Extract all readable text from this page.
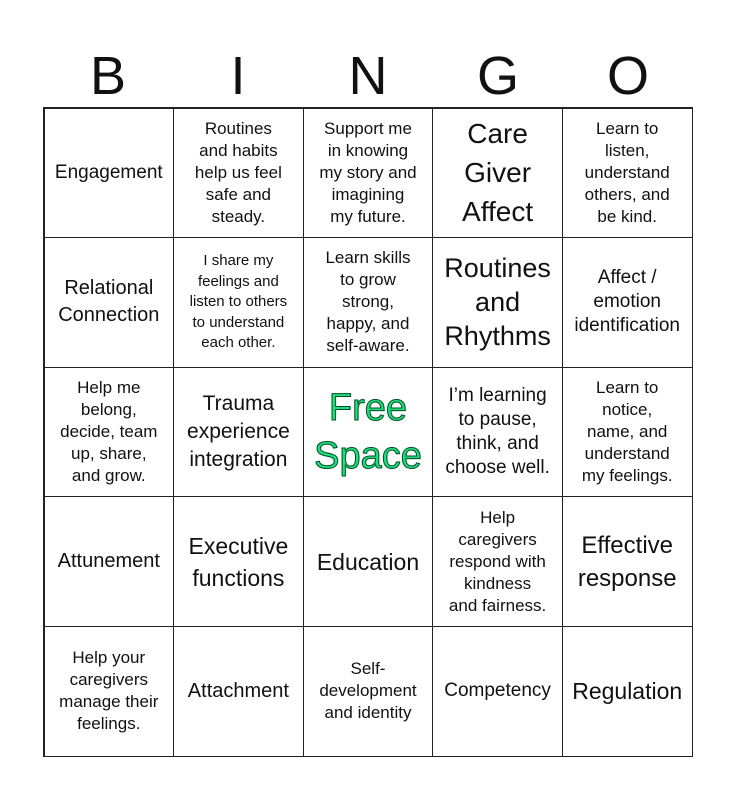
B	I	N	G	O
Engagement
Routines
and habits
help us feel
safe and
steady.
Support me
in knowing
my story and
imagining
my future.
Care
Giver
Affect
Learn to
listen,
understand
others, and
be kind.
Relational
Connection
I share my
feelings and
listen to others
to understand
each other.
Learn skills
to grow
strong,
happy, and
self-aware.
Routines
and
Rhythms
Affect /
emotion
identification
Help me
belong,
decide, team
up, share,
and grow.
Trauma
experience
integration
Free
Space
I’m learning
to pause,
think, and
choose well.
Learn to
notice,
name, and
understand
my feelings.
Attunement
Executive
functions
Education
Help
caregivers
respond with
kindness
and fairness.
Effective
response
Help your
caregivers
manage their
feelings.
Attachment
Self-
development
and identity
Competency Regulation
